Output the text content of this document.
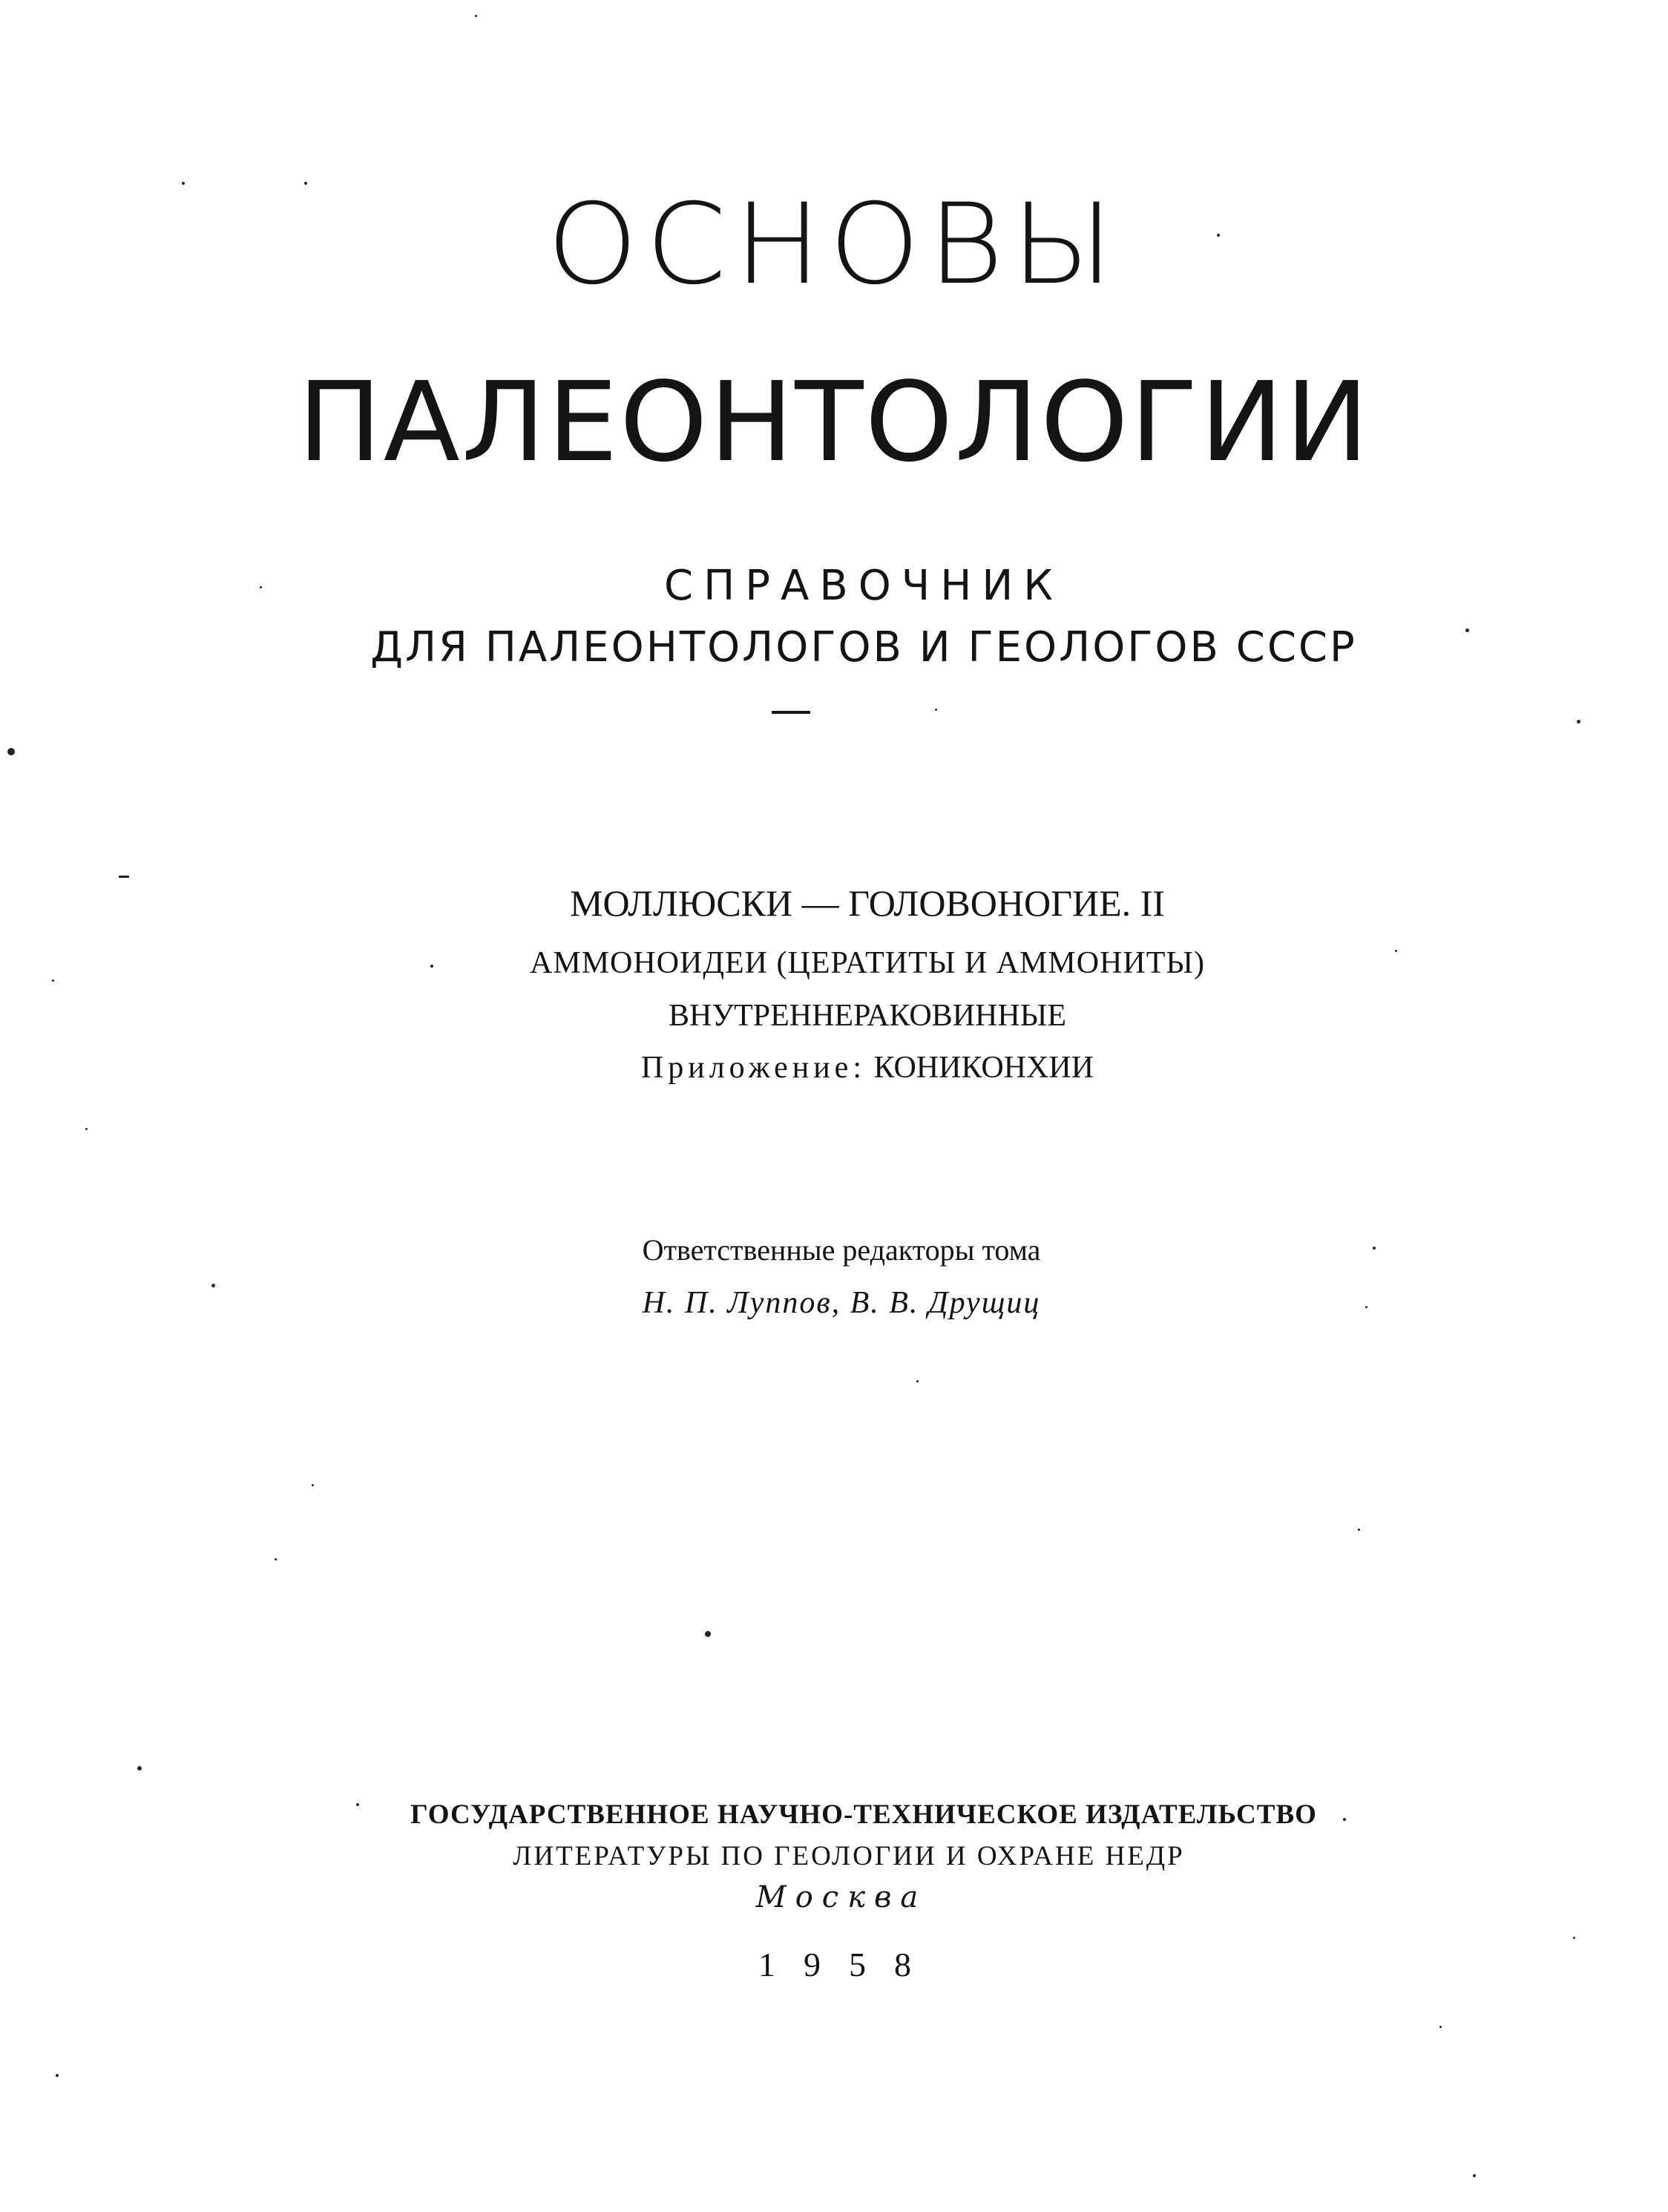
ОСНОВЫ
ПАЛЕОНТОЛОГИИ
СПРАВОЧНИК
ДЛЯ ПАЛЕОНТОЛОГОВ И ГЕОЛОГОВ СССР
МОЛЛЮСКИ — ГОЛОВОНОГИЕ. II
АММОНОИДЕИ (ЦЕРАТИТЫ И АММОНИТЫ)
ВНУТРЕННЕРАКОВИННЫЕ
Приложение: КОНИКОНХИИ
Ответственные редакторы тома
Н. П. Луппов, В. В. Друщиц
ГОСУДАРСТВЕННОЕ НАУЧНО-ТЕХНИЧЕСКОЕ ИЗДАТЕЛЬСТВО
ЛИТЕРАТУРЫ ПО ГЕОЛОГИИ И ОХРАНЕ НЕДР
Москва
1958
